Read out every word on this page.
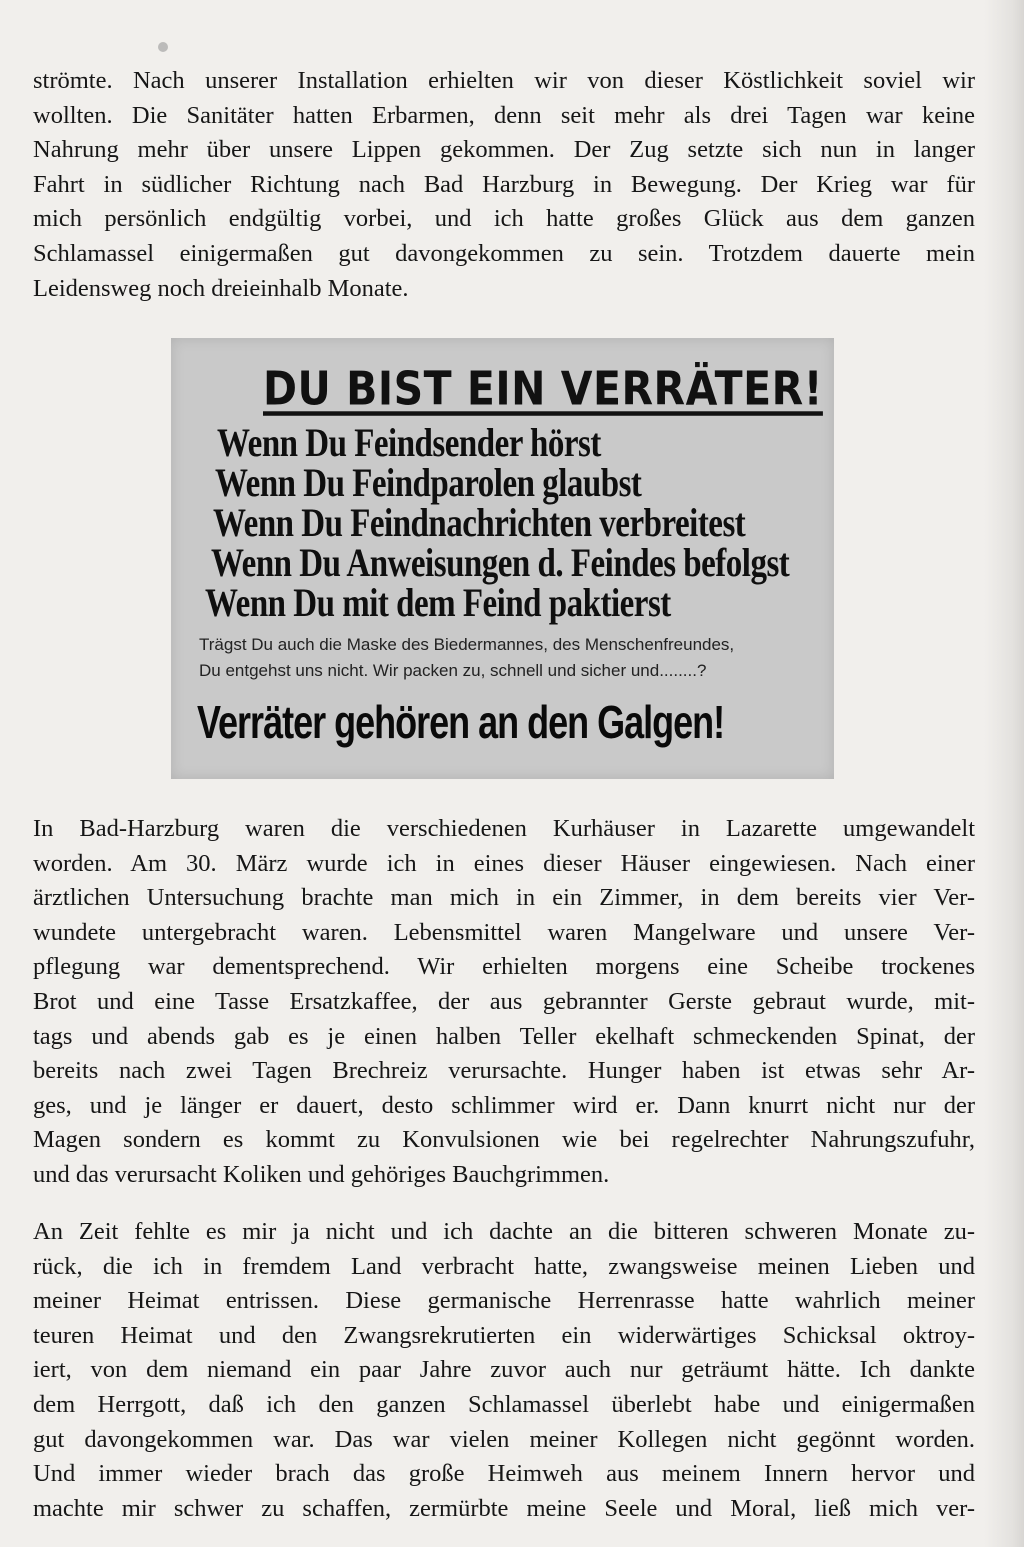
strömte. Nach unserer Installation erhielten wir von dieser Köstlichkeit soviel wir
wollten. Die Sanitäter hatten Erbarmen, denn seit mehr als drei Tagen war keine
Nahrung mehr über unsere Lippen gekommen. Der Zug setzte sich nun in langer
Fahrt in südlicher Richtung nach Bad Harzburg in Bewegung. Der Krieg war für
mich persönlich endgültig vorbei, und ich hatte großes Glück aus dem ganzen
Schlamassel einigermaßen gut davongekommen zu sein. Trotzdem dauerte mein
Leidensweg noch dreieinhalb Monate.
DU BIST EIN VERRÄTER!
Wenn Du Feindsender hörst
Wenn Du Feindparolen glaubst
Wenn Du Feindnachrichten verbreitest
Wenn Du Anweisungen d. Feindes befolgst
Wenn Du mit dem Feind paktierst
Trägst Du auch die Maske des Biedermannes, des Menschenfreundes,
Du entgehst uns nicht. Wir packen zu, schnell und sicher und........?
Verräter gehören an den Galgen!
In Bad-Harzburg waren die verschiedenen Kurhäuser in Lazarette umgewandelt
worden. Am 30. März wurde ich in eines dieser Häuser eingewiesen. Nach einer
ärztlichen Untersuchung brachte man mich in ein Zimmer, in dem bereits vier Ver-
wundete untergebracht waren. Lebensmittel waren Mangelware und unsere Ver-
pflegung war dementsprechend. Wir erhielten morgens eine Scheibe trockenes
Brot und eine Tasse Ersatzkaffee, der aus gebrannter Gerste gebraut wurde, mit-
tags und abends gab es je einen halben Teller ekelhaft schmeckenden Spinat, der
bereits nach zwei Tagen Brechreiz verursachte. Hunger haben ist etwas sehr Ar-
ges, und je länger er dauert, desto schlimmer wird er. Dann knurrt nicht nur der
Magen sondern es kommt zu Konvulsionen wie bei regelrechter Nahrungszufuhr,
und das verursacht Koliken und gehöriges Bauchgrimmen.
An Zeit fehlte es mir ja nicht und ich dachte an die bitteren schweren Monate zu-
rück, die ich in fremdem Land verbracht hatte, zwangsweise meinen Lieben und
meiner Heimat entrissen. Diese germanische Herrenrasse hatte wahrlich meiner
teuren Heimat und den Zwangsrekrutierten ein widerwärtiges Schicksal oktroy-
iert, von dem niemand ein paar Jahre zuvor auch nur geträumt hätte. Ich dankte
dem Herrgott, daß ich den ganzen Schlamassel überlebt habe und einigermaßen
gut davongekommen war. Das war vielen meiner Kollegen nicht gegönnt worden.
Und immer wieder brach das große Heimweh aus meinem Innern hervor und
machte mir schwer zu schaffen, zermürbte meine Seele und Moral, ließ mich ver-
